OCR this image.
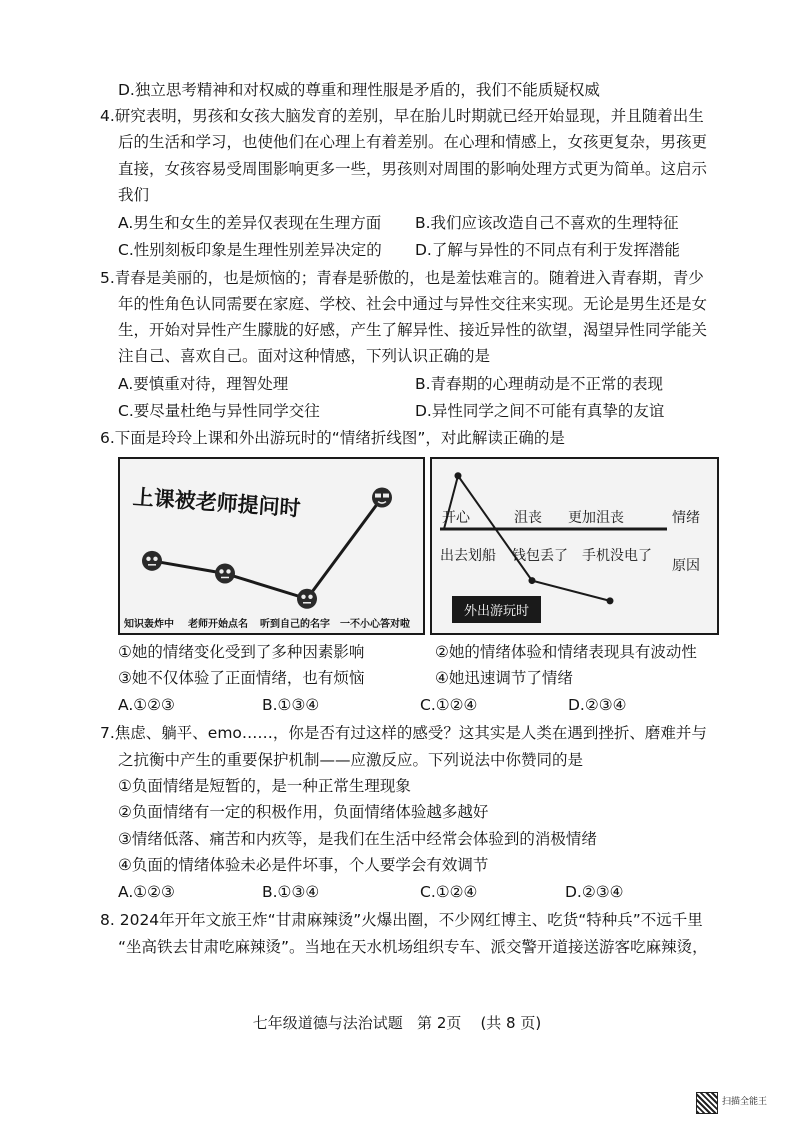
D.独立思考精神和对权威的尊重和理性服是矛盾的，我们不能质疑权威
4.研究表明，男孩和女孩大脑发育的差别，早在胎儿时期就已经开始显现，并且随着出生
后的生活和学习，也使他们在心理上有着差别。在心理和情感上，女孩更复杂，男孩更
直接，女孩容易受周围影响更多一些，男孩则对周围的影响处理方式更为简单。这启示
我们
A.男生和女生的差异仅表现在生理方面 B.我们应该改造自己不喜欢的生理特征
C.性别刻板印象是生理性别差异决定的 D.了解与异性的不同点有利于发挥潜能
5.青春是美丽的，也是烦恼的；青春是骄傲的，也是羞怯难言的。随着进入青春期，青少
年的性角色认同需要在家庭、学校、社会中通过与异性交往来实现。无论是男生还是女
生，开始对异性产生朦胧的好感，产生了解异性、接近异性的欲望，渴望异性同学能关
注自己、喜欢自己。面对这种情感，下列认识正确的是
A.要慎重对待，理智处理	B.青春期的心理萌动是不正常的表现
C.要尽量杜绝与异性同学交往	D.异性同学之间不可能有真挚的友谊
6.下面是玲玲上课和外出游玩时的“情绪折线图”，对此解读正确的是
上课被老师提问时
知识轰炸中 老师开始点名 听到自己的名字 一不小心答对啦
开心	沮丧 更加沮丧	情绪
出去划船 钱包丢了 手机没电了
原因
外出游玩时
①她的情绪变化受到了多种因素影响	②她的情绪体验和情绪表现具有波动性
③她不仅体验了正面情绪，也有烦恼	④她迅速调节了情绪
A.①②③	B.①③④	C.①②④	D.②③④
7.焦虑、躺平、emo……，你是否有过这样的感受？这其实是人类在遇到挫折、磨难并与
之抗衡中产生的重要保护机制——应激反应。下列说法中你赞同的是
①负面情绪是短暂的，是一种正常生理现象
②负面情绪有一定的积极作用，负面情绪体验越多越好
③情绪低落、痛苦和内疚等，是我们在生活中经常会体验到的消极情绪
④负面的情绪体验未必是件坏事，个人要学会有效调节
A.①②③	B.①③④	C.①②④	D.②③④
8. 2024年开年文旅王炸“甘肃麻辣烫”火爆出圈，不少网红博主、吃货“特种兵”不远千里
“坐高铁去甘肃吃麻辣烫”。当地在天水机场组织专车、派交警开道接送游客吃麻辣烫，
七年级道德与法治试题   第 2页    (共 8 页)
扫描全能王
